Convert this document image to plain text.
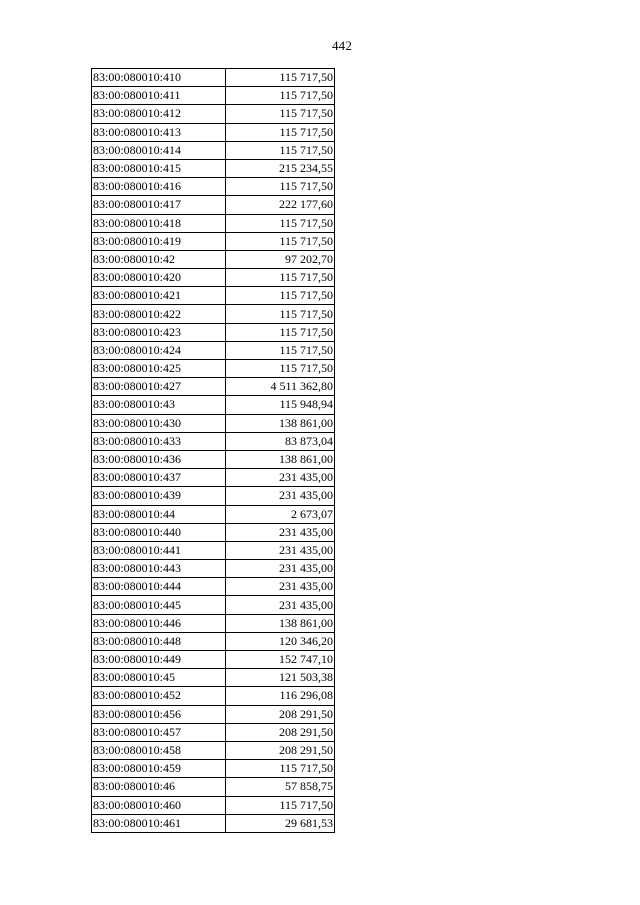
442
83:00:080010:410	115 717,50
83:00:080010:411	115 717,50
83:00:080010:412	115 717,50
83:00:080010:413	115 717,50
83:00:080010:414	115 717,50
83:00:080010:415	215 234,55
83:00:080010:416	115 717,50
83:00:080010:417	222 177,60
83:00:080010:418	115 717,50
83:00:080010:419	115 717,50
83:00:080010:42	97 202,70
83:00:080010:420	115 717,50
83:00:080010:421	115 717,50
83:00:080010:422	115 717,50
83:00:080010:423	115 717,50
83:00:080010:424	115 717,50
83:00:080010:425	115 717,50
83:00:080010:427	4 511 362,80
83:00:080010:43	115 948,94
83:00:080010:430	138 861,00
83:00:080010:433	83 873,04
83:00:080010:436	138 861,00
83:00:080010:437	231 435,00
83:00:080010:439	231 435,00
83:00:080010:44	2 673,07
83:00:080010:440	231 435,00
83:00:080010:441	231 435,00
83:00:080010:443	231 435,00
83:00:080010:444	231 435,00
83:00:080010:445	231 435,00
83:00:080010:446	138 861,00
83:00:080010:448	120 346,20
83:00:080010:449	152 747,10
83:00:080010:45	121 503,38
83:00:080010:452	116 296,08
83:00:080010:456	208 291,50
83:00:080010:457	208 291,50
83:00:080010:458	208 291,50
83:00:080010:459	115 717,50
83:00:080010:46	57 858,75
83:00:080010:460	115 717,50
83:00:080010:461	29 681,53
